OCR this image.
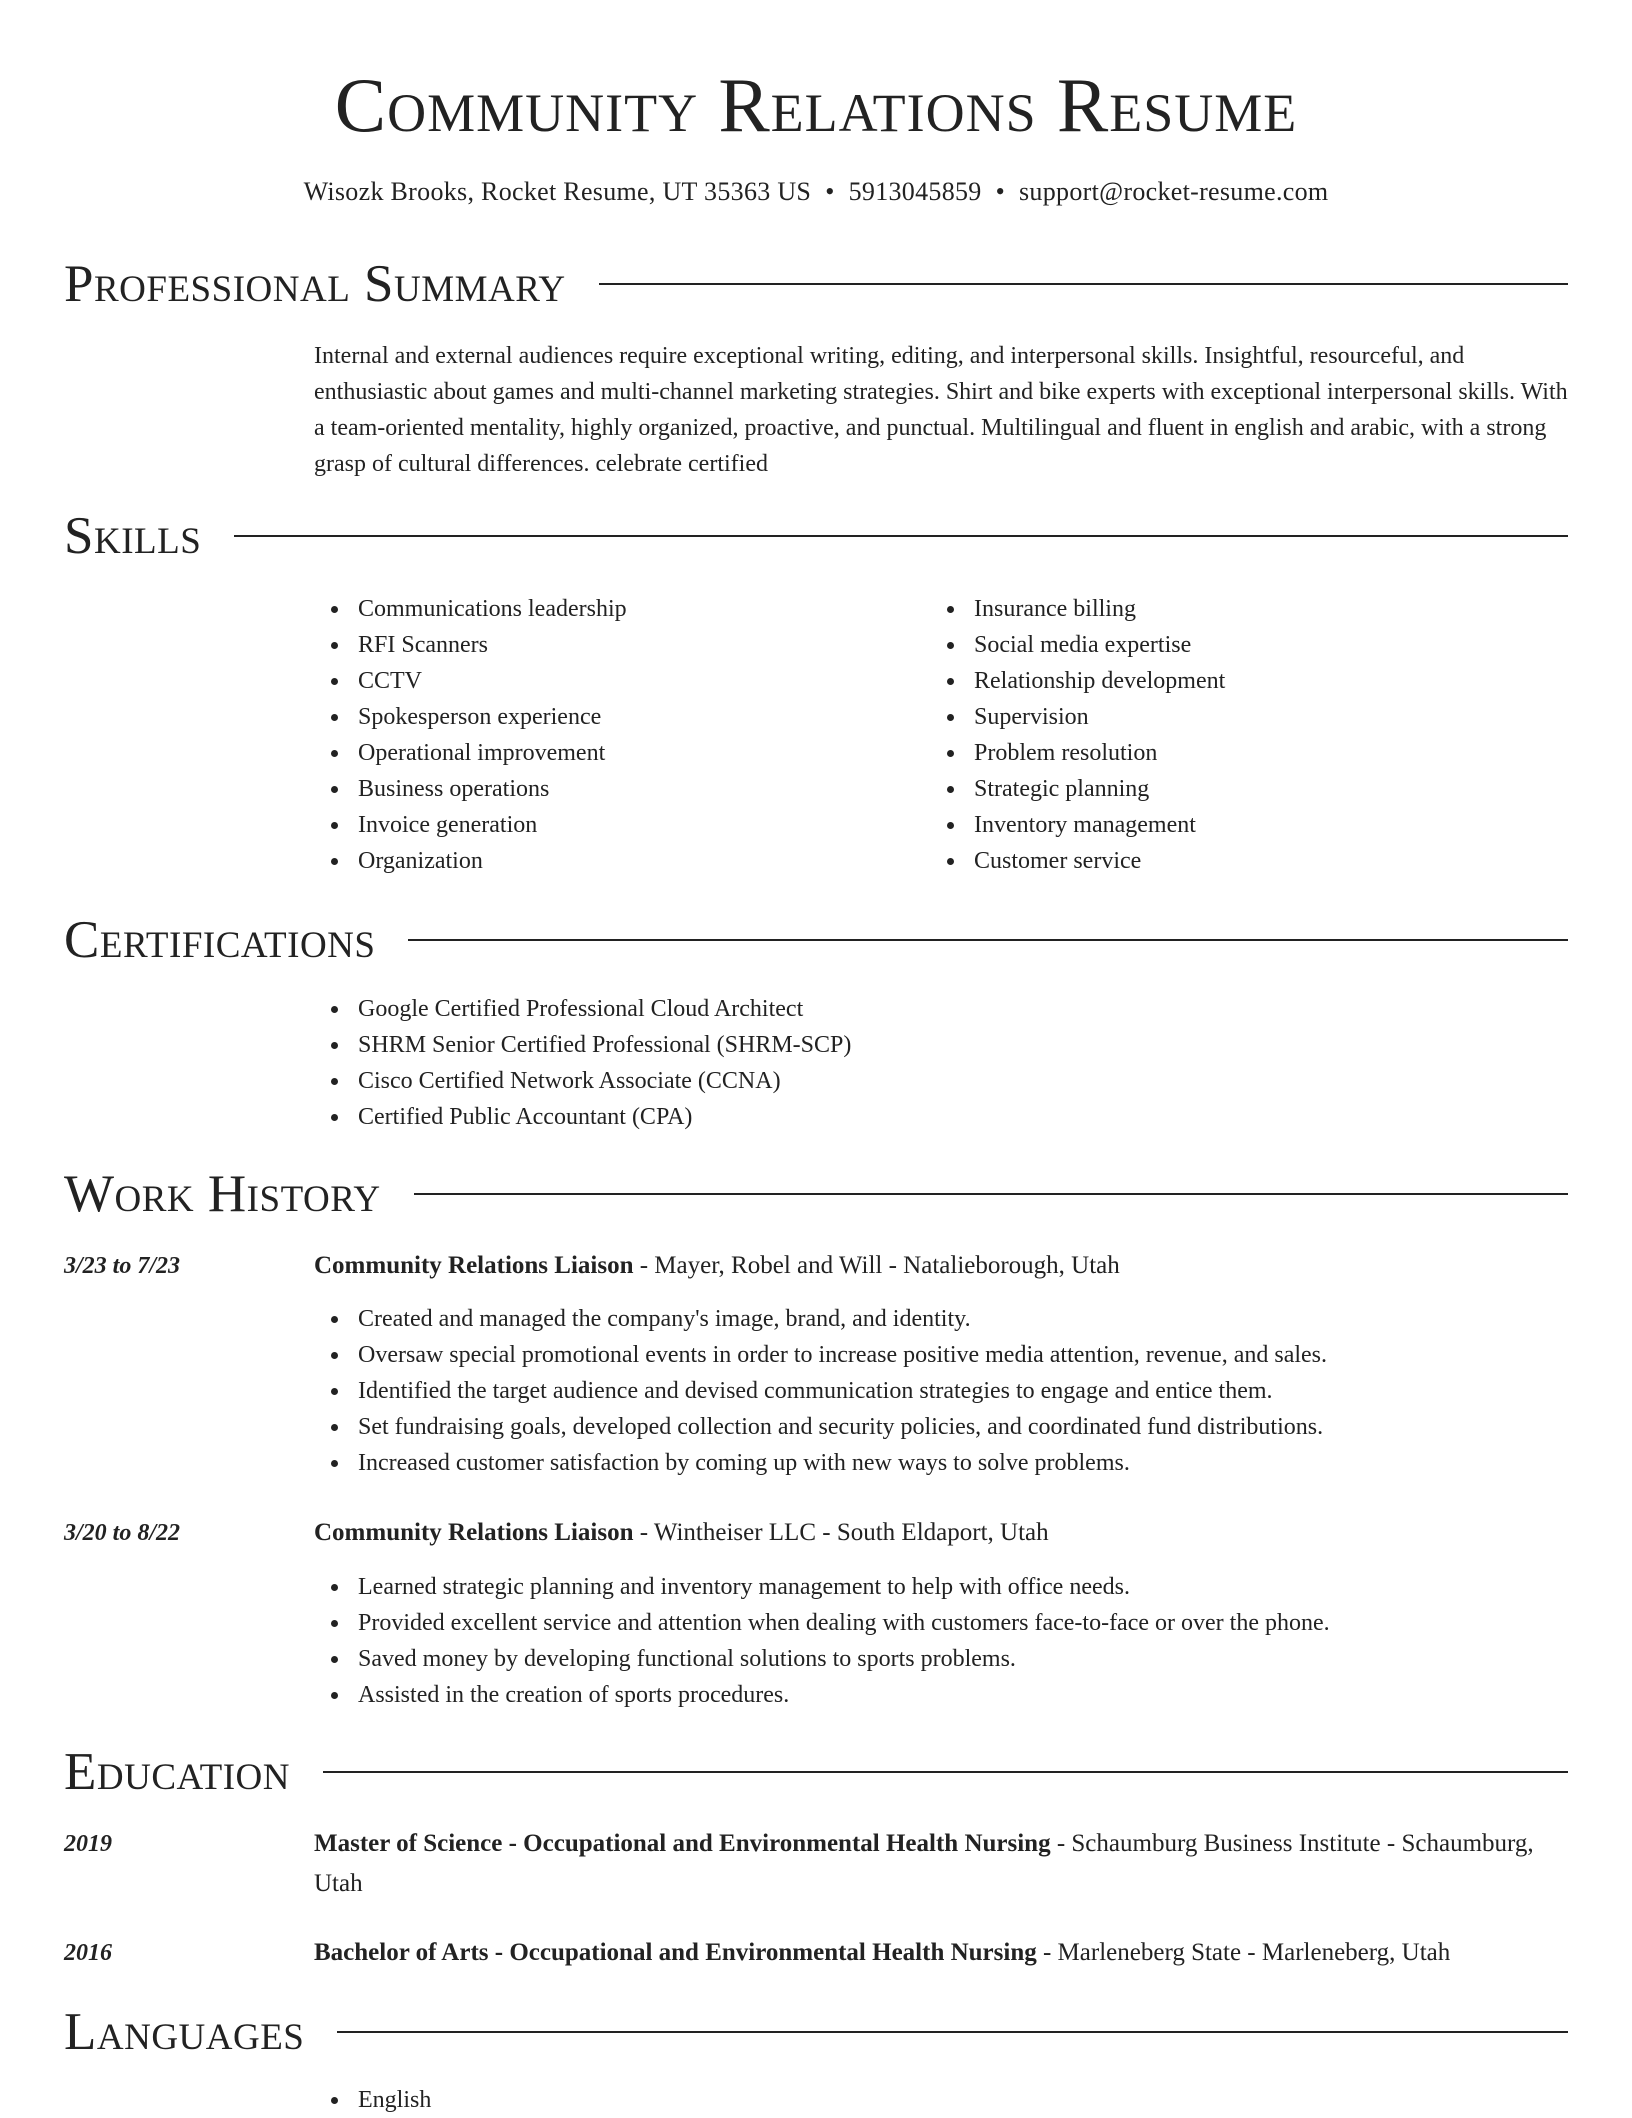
Community Relations Resume
Wisozk Brooks, Rocket Resume, UT 35363 US • 5913045859 • support@rocket-resume.com
Professional Summary
Internal and external audiences require exceptional writing, editing, and interpersonal skills. Insightful, resourceful, and enthusiastic about games and multi-channel marketing strategies. Shirt and bike experts with exceptional interpersonal skills. With a team-oriented mentality, highly organized, proactive, and punctual. Multilingual and fluent in english and arabic, with a strong grasp of cultural differences. celebrate certified
Skills
Communications leadership
RFI Scanners
CCTV
Spokesperson experience
Operational improvement
Business operations
Invoice generation
Organization
Insurance billing
Social media expertise
Relationship development
Supervision
Problem resolution
Strategic planning
Inventory management
Customer service
Certifications
Google Certified Professional Cloud Architect
SHRM Senior Certified Professional (SHRM-SCP)
Cisco Certified Network Associate (CCNA)
Certified Public Accountant (CPA)
Work History
3/23 to 7/23	Community Relations Liaison - Mayer, Robel and Will - Natalieborough, Utah
Created and managed the company's image, brand, and identity.
Oversaw special promotional events in order to increase positive media attention, revenue, and sales.
Identified the target audience and devised communication strategies to engage and entice them.
Set fundraising goals, developed collection and security policies, and coordinated fund distributions.
Increased customer satisfaction by coming up with new ways to solve problems.
3/20 to 8/22	Community Relations Liaison - Wintheiser LLC - South Eldaport, Utah
Learned strategic planning and inventory management to help with office needs.
Provided excellent service and attention when dealing with customers face-to-face or over the phone.
Saved money by developing functional solutions to sports problems.
Assisted in the creation of sports procedures.
Education
2019	Master of Science - Occupational and Environmental Health Nursing - Schaumburg Business Institute - Schaumburg, Utah
2016	Bachelor of Arts - Occupational and Environmental Health Nursing - Marleneberg State - Marleneberg, Utah
Languages
English
